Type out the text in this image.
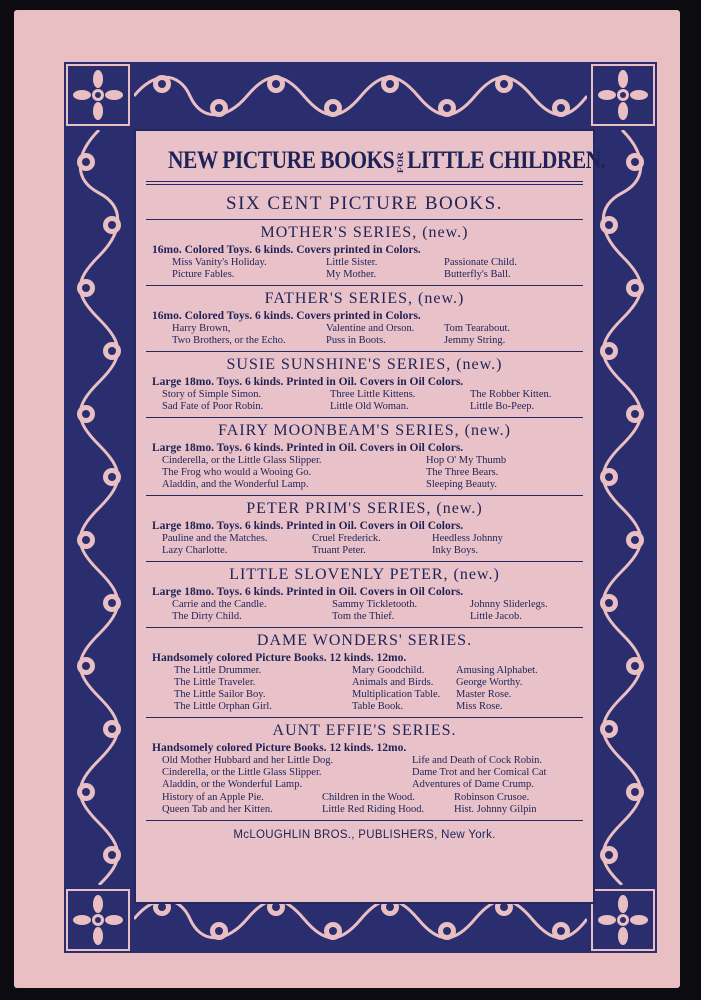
NEW PICTURE BOOKS FORLITTLE CHILDREN.
SIX CENT PICTURE BOOKS.
MOTHER'S SERIES, (new.)
16mo. Colored Toys. 6 kinds. Covers printed in Colors.
Miss Vanity's Holiday.	Little Sister.	Passionate Child.
Picture Fables.	My Mother.	Butterfly's Ball.
FATHER'S SERIES, (new.)
16mo. Colored Toys. 6 kinds. Covers printed in Colors.
Harry Brown,	Valentine and Orson.	Tom Tearabout.
Two Brothers, or the Echo.	Puss in Boots.	Jemmy String.
SUSIE SUNSHINE'S SERIES, (new.)
Large 18mo. Toys. 6 kinds. Printed in Oil. Covers in Oil Colors.
Story of Simple Simon.	Three Little Kittens.	The Robber Kitten.
Sad Fate of Poor Robin.	Little Old Woman.	Little Bo-Peep.
FAIRY MOONBEAM'S SERIES, (new.)
Large 18mo. Toys. 6 kinds. Printed in Oil. Covers in Oil Colors.
Cinderella, or the Little Glass Slipper.	Hop O' My Thumb
The Frog who would a Wooing Go.	The Three Bears.
Aladdin, and the Wonderful Lamp.	Sleeping Beauty.
PETER PRIM'S SERIES, (new.)
Large 18mo. Toys. 6 kinds. Printed in Oil. Covers in Oil Colors.
Pauline and the Matches.	Cruel Frederick.	Heedless Johnny
Lazy Charlotte.	Truant Peter.	Inky Boys.
LITTLE SLOVENLY PETER, (new.)
Large 18mo. Toys. 6 kinds. Printed in Oil. Covers in Oil Colors.
Carrie and the Candle.	Sammy Tickletooth.	Johnny Sliderlegs.
The Dirty Child.	Tom the Thief.	Little Jacob.
DAME WONDERS' SERIES.
Handsomely colored Picture Books. 12 kinds. 12mo.
The Little Drummer.	Mary Goodchild.	Amusing Alphabet.
The Little Traveler.	Animals and Birds.	George Worthy.
The Little Sailor Boy.	Multiplication Table.	Master Rose.
The Little Orphan Girl.	Table Book.	Miss Rose.
AUNT EFFIE'S SERIES.
Handsomely colored Picture Books. 12 kinds. 12mo.
Old Mother Hubbard and her Little Dog.	Life and Death of Cock Robin.
Cinderella, or the Little Glass Slipper.	Dame Trot and her Comical Cat
Aladdin, or the Wonderful Lamp.	Adventures of Dame Crump.
History of an Apple Pie.	Children in the Wood.	Robinson Crusoe.
Queen Tab and her Kitten.	Little Red Riding Hood.	Hist. Johnny Gilpin
McLOUGHLIN BROS., PUBLISHERS, New York.
